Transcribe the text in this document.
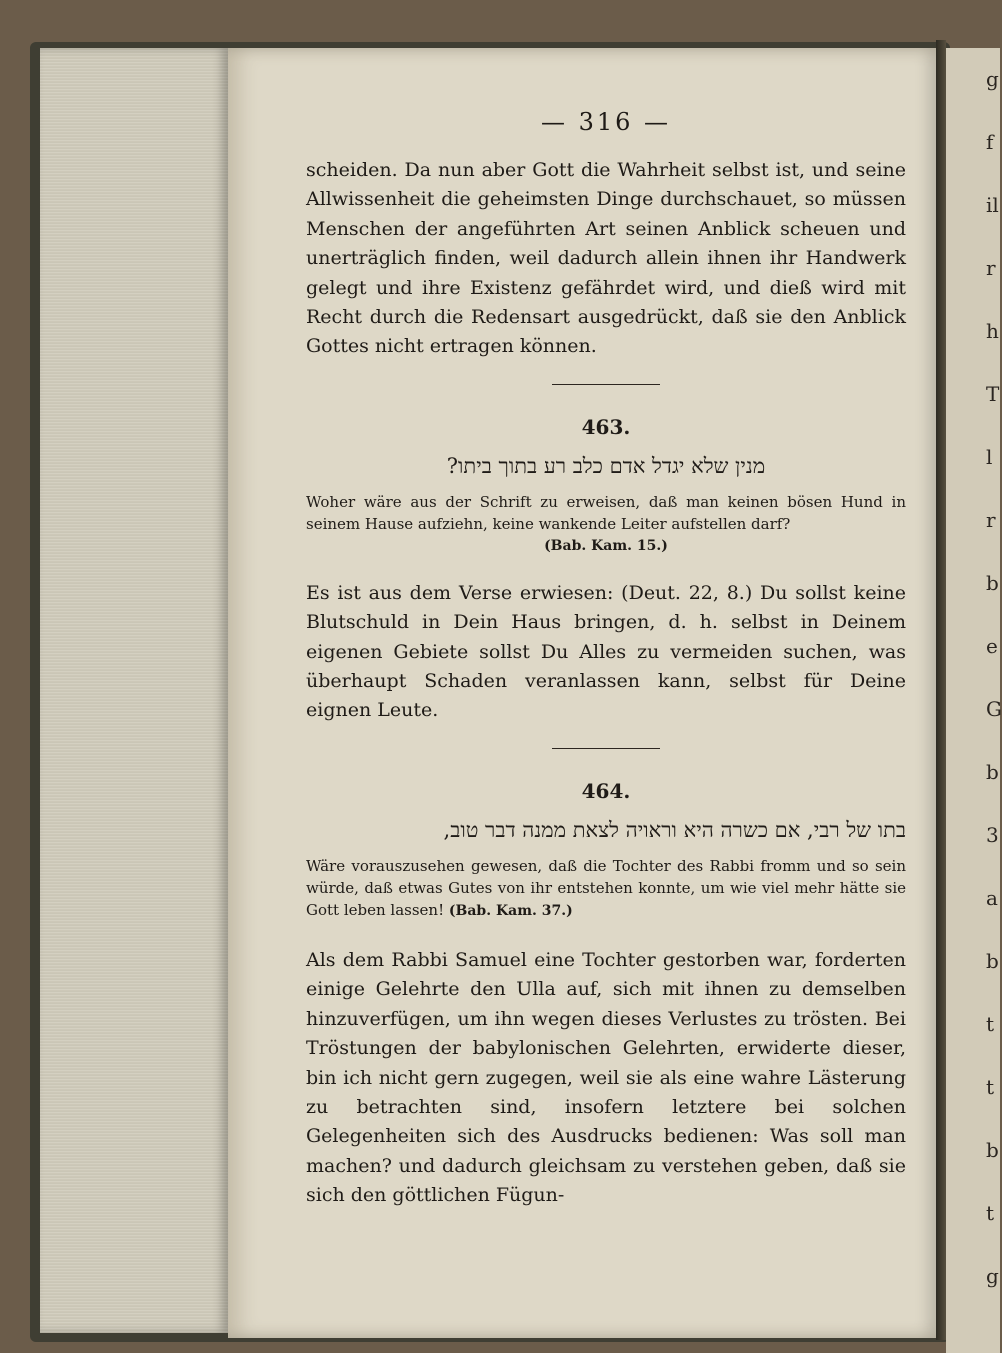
— 316 —

scheiden. Da nun aber Gott die Wahrheit selbst ist, und seine Allwissenheit die geheimsten Dinge durchschauet, so müssen Menschen der angeführten Art seinen Anblick scheuen und unerträglich finden, weil dadurch allein ihnen ihr Handwerk gelegt und ihre Existenz gefährdet wird, und dieß wird mit Recht durch die Redensart ausgedrückt, daß sie den Anblick Gottes nicht ertragen können.

463.

מנין שלא יגדל אדם כלב רע בתוך ביתו?

Woher wäre aus der Schrift zu erweisen, daß man keinen bösen Hund in seinem Hause aufziehn, keine wankende Leiter aufstellen darf?
(Bab. Kam. 15.)

Es ist aus dem Verse erwiesen: (Deut. 22, 8.) Du sollst keine Blutschuld in Dein Haus bringen, d. h. selbst in Deinem eigenen Gebiete sollst Du Alles zu vermeiden suchen, was überhaupt Schaden veranlassen kann, selbst für Deine eignen Leute.

464.

בתו של רבי, אם כשרה היא וראויה לצאת ממנה דבר טוב,

Wäre vorauszusehen gewesen, daß die Tochter des Rabbi fromm und so sein würde, daß etwas Gutes von ihr entstehen konnte, um wie viel mehr hätte sie Gott leben lassen! (Bab. Kam. 37.)

Als dem Rabbi Samuel eine Tochter gestorben war, forderten einige Gelehrte den Ulla auf, sich mit ihnen zu demselben hinzuverfügen, um ihn wegen dieses Verlustes zu trösten. Bei Tröstungen der babylonischen Gelehrten, erwiderte dieser, bin ich nicht gern zugegen, weil sie als eine wahre Lästerung zu betrachten sind, insofern letztere bei solchen Gelegenheiten sich des Ausdrucks bedienen: Was soll man machen? und dadurch gleichsam zu verstehen geben, daß sie sich den göttlichen Fügun-

g
f
il
r
h
T
l
r
b
e
G
b
3
a
b
t
t
b
t
g
